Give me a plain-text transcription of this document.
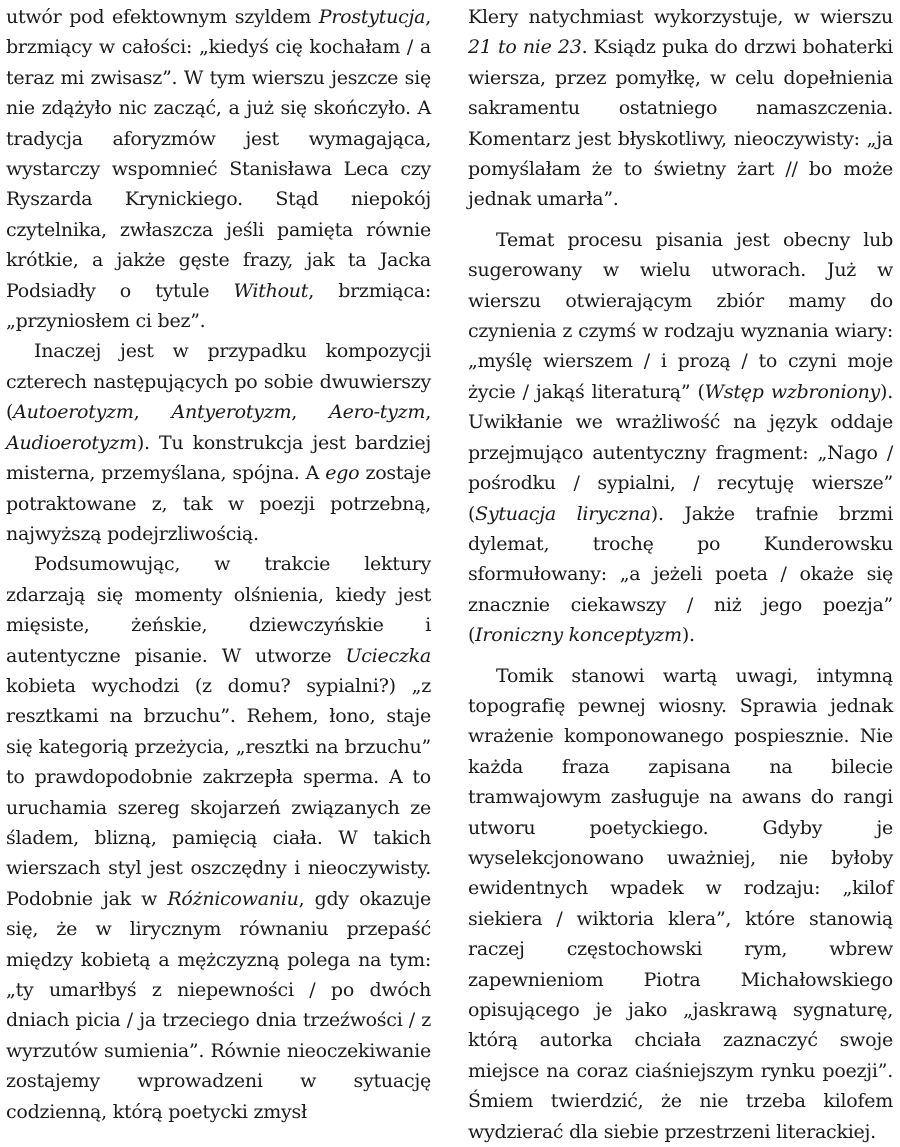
utwór pod efektownym szyldem Prostytucja, brzmiący w całości: „kiedyś cię kochałam / a teraz mi zwisasz”. W tym wierszu jeszcze się nie zdążyło nic zacząć, a już się skończyło. A tradycja aforyzmów jest wymagająca, wystarczy wspomnieć Stanisława Leca czy Ryszarda Krynickiego. Stąd niepokój czytelnika, zwłaszcza jeśli pamięta równie krótkie, a jakże gęste frazy, jak ta Jacka Podsiadły o tytule Without, brzmiąca: „przyniosłem ci bez”.

Inaczej jest w przypadku kompozycji czterech następujących po sobie dwuwierszy (Autoerotyzm, Antyerotyzm, Aero-tyzm, Audioerotyzm). Tu konstrukcja jest bardziej misterna, przemyślana, spójna. A ego zostaje potraktowane z, tak w poezji potrzebną, najwyższą podejrzliwością.

Podsumowując, w trakcie lektury zdarzają się momenty olśnienia, kiedy jest mięsiste, żeńskie, dziewczyńskie i autentyczne pisanie. W utworze Ucieczka kobieta wychodzi (z domu? sypialni?) „z resztkami na brzuchu”. Rehem, łono, staje się kategorią przeżycia, „resztki na brzuchu” to prawdopodobnie zakrzepła sperma. A to uruchamia szereg skojarzeń związanych ze śladem, blizną, pamięcią ciała. W takich wierszach styl jest oszczędny i nieoczywisty. Podobnie jak w Różnicowaniu, gdy okazuje się, że w lirycznym równaniu przepaść między kobietą a mężczyzną polega na tym: „ty umarłbyś z niepewności / po dwóch dniach picia / ja trzeciego dnia trzeźwości / z wyrzutów sumienia”. Równie nieoczekiwanie zostajemy wprowadzeni w sytuację codzienną, którą poetycki zmysł

Klery natychmiast wykorzystuje, w wierszu 21 to nie 23. Ksiądz puka do drzwi bohaterki wiersza, przez pomyłkę, w celu dopełnienia sakramentu ostatniego namaszczenia. Komentarz jest błyskotliwy, nieoczywisty: „ja pomyślałam że to świetny żart // bo może jednak umarła”.

Temat procesu pisania jest obecny lub sugerowany w wielu utworach. Już w wierszu otwierającym zbiór mamy do czynienia z czymś w rodzaju wyznania wiary: „myślę wierszem / i prozą / to czyni moje życie / jakąś literaturą” (Wstęp wzbroniony). Uwikłanie we wrażliwość na język oddaje przejmująco autentyczny fragment: „Nago / pośrodku / sypialni, / recytuję wiersze” (Sytuacja liryczna). Jakże trafnie brzmi dylemat, trochę po Kunderowsku sformułowany: „a jeżeli poeta / okaże się znacznie ciekawszy / niż jego poezja” (Ironiczny konceptyzm).

Tomik stanowi wartą uwagi, intymną topografię pewnej wiosny. Sprawia jednak wrażenie komponowanego pospiesznie. Nie każda fraza zapisana na bilecie tramwajowym zasługuje na awans do rangi utworu poetyckiego. Gdyby je wyselekcjonowano uważniej, nie byłoby ewidentnych wpadek w rodzaju: „kilof siekiera / wiktoria klera”, które stanowią raczej częstochowski rym, wbrew zapewnieniom Piotra Michałowskiego opisującego je jako „jaskrawą sygnaturę, którą autorka chciała zaznaczyć swoje miejsce na coraz ciaśniejszym rynku poezji”. Śmiem twierdzić, że nie trzeba kilofem wydzierać dla siebie przestrzeni literackiej.
